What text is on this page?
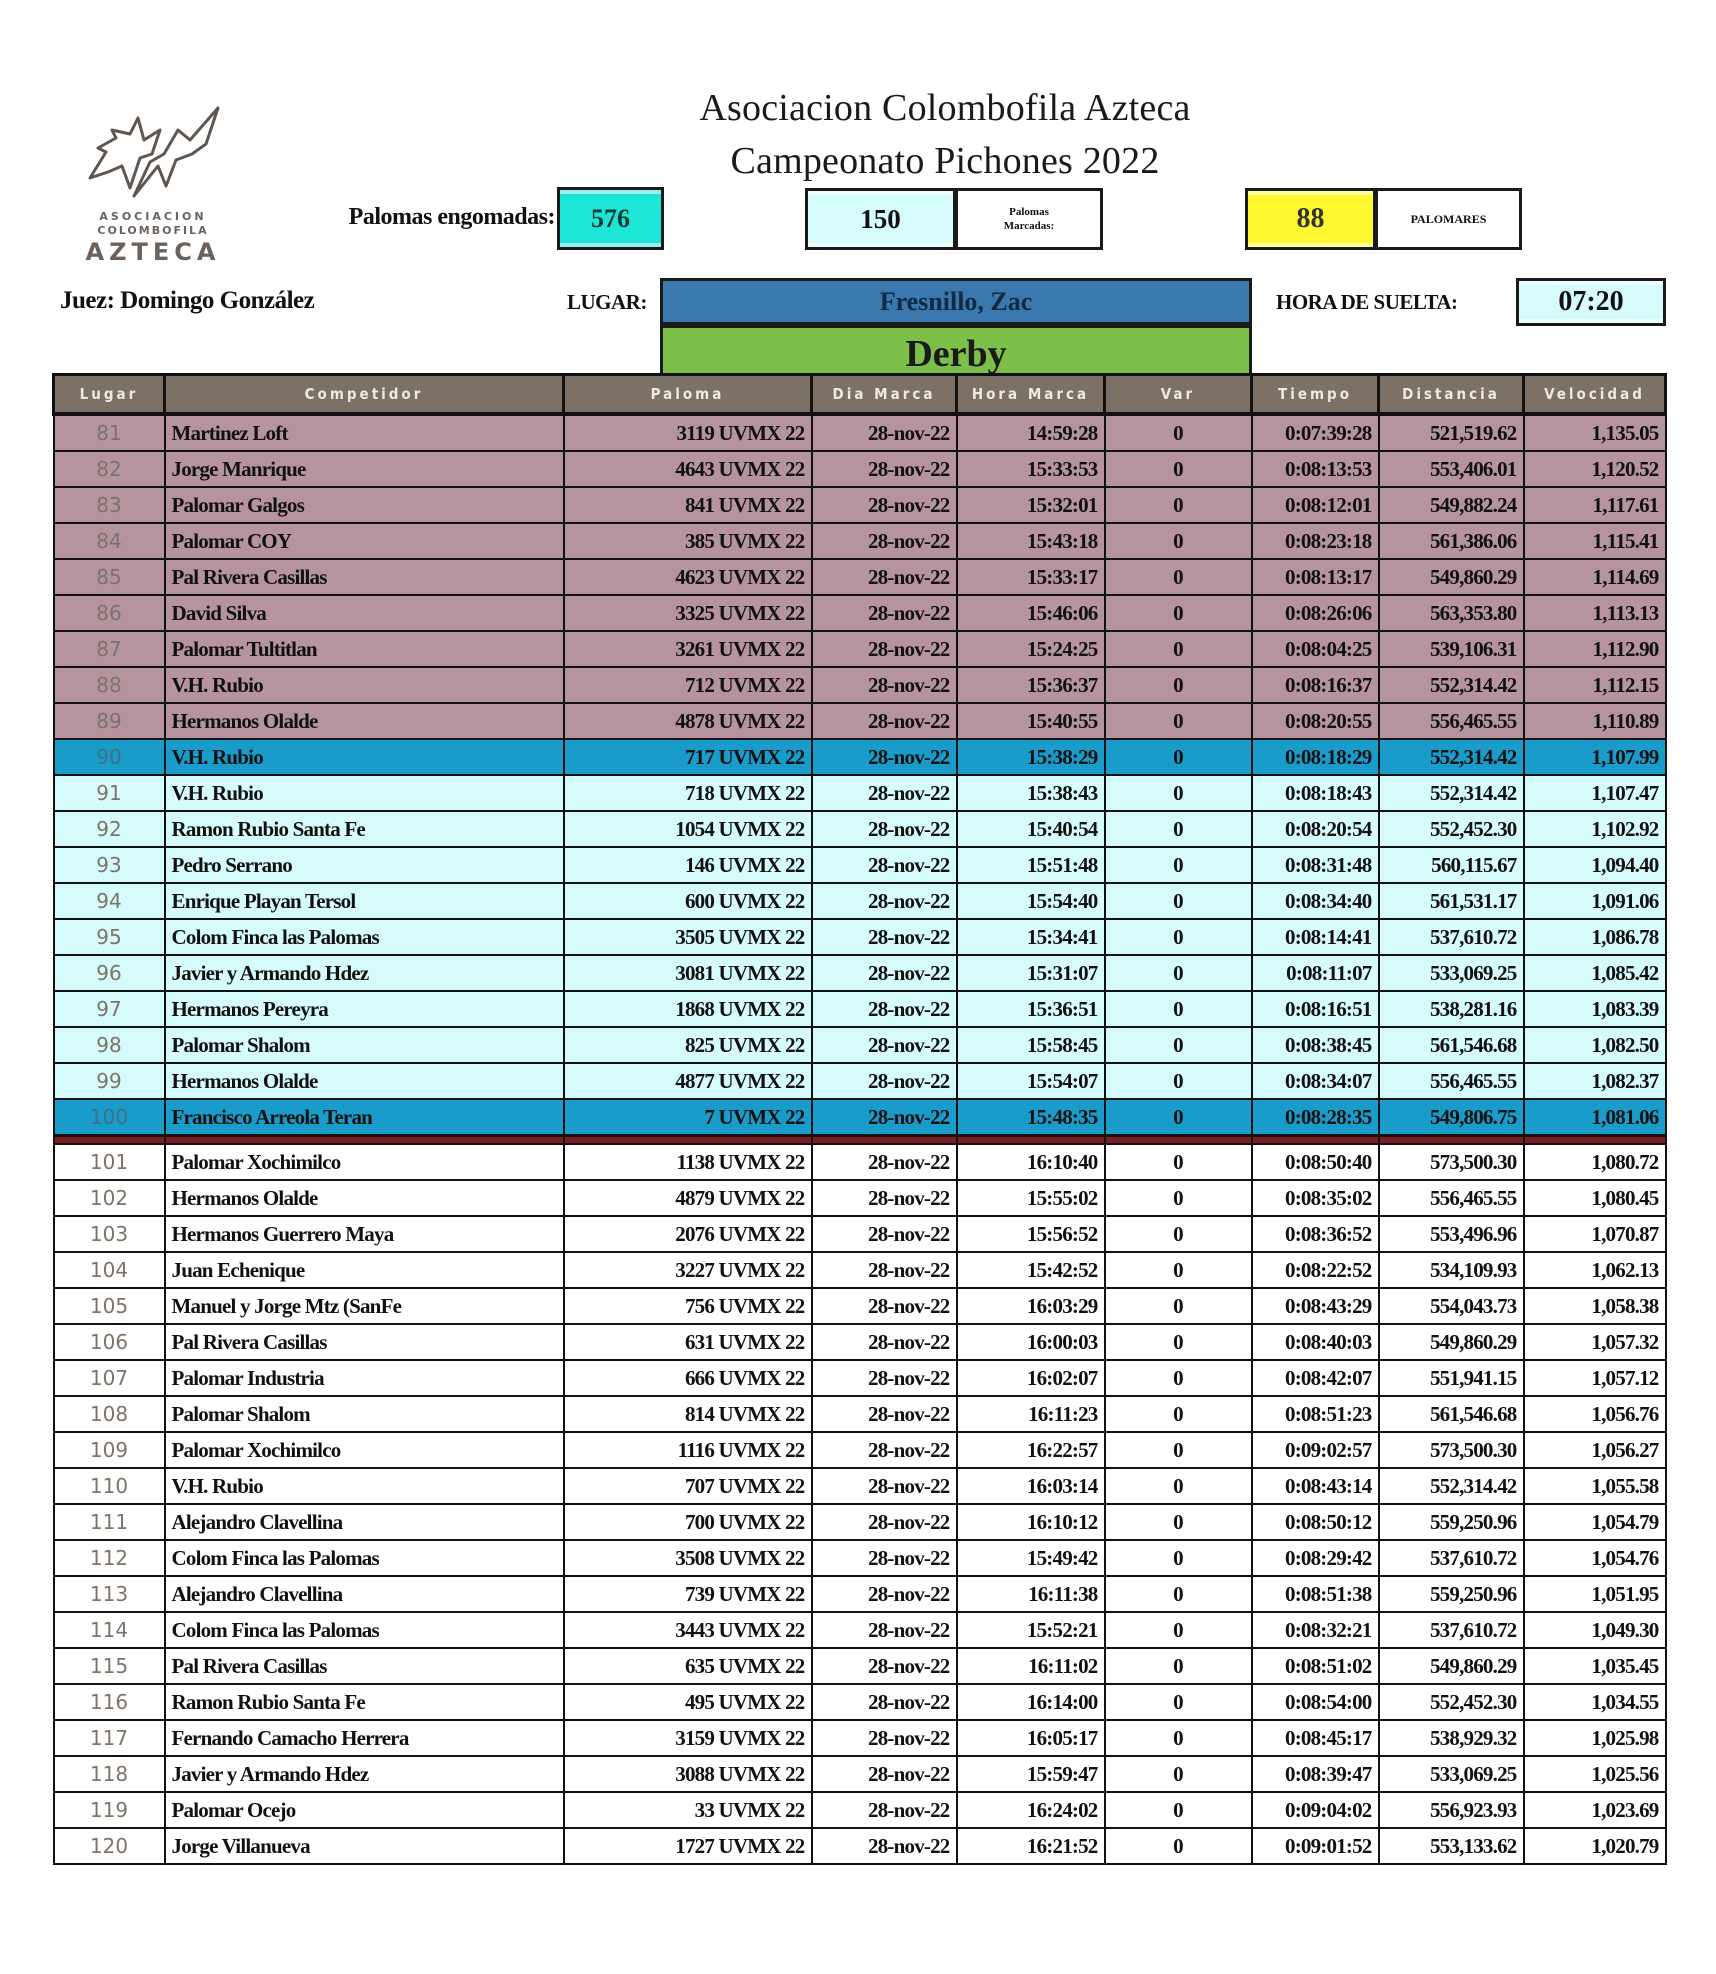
ASOCIACION
COLOMBOFILA
AZTECA
Asociacion Colombofila Azteca
Campeonato Pichones 2022
Palomas engomadas:	576	150	Palomas
Marcadas:	88	PALOMARES
Juez: Domingo González	LUGAR:	Fresnillo, Zac
Derby
HORA DE SUELTA:	07:20
Lugar	Competidor	Paloma	Dia Marca	Hora Marca	Var	Tiempo	Distancia	Velocidad
81	Martinez Loft	3119 UVMX 22	28-nov-22	14:59:28	0	0:07:39:28	521,519.62	1,135.05
82	Jorge Manrique	4643 UVMX 22	28-nov-22	15:33:53	0	0:08:13:53	553,406.01	1,120.52
83	Palomar Galgos	841 UVMX 22	28-nov-22	15:32:01	0	0:08:12:01	549,882.24	1,117.61
84	Palomar COY	385 UVMX 22	28-nov-22	15:43:18	0	0:08:23:18	561,386.06	1,115.41
85	Pal Rivera Casillas	4623 UVMX 22	28-nov-22	15:33:17	0	0:08:13:17	549,860.29	1,114.69
86	David Silva	3325 UVMX 22	28-nov-22	15:46:06	0	0:08:26:06	563,353.80	1,113.13
87	Palomar Tultitlan	3261 UVMX 22	28-nov-22	15:24:25	0	0:08:04:25	539,106.31	1,112.90
88	V.H. Rubio	712 UVMX 22	28-nov-22	15:36:37	0	0:08:16:37	552,314.42	1,112.15
89	Hermanos Olalde	4878 UVMX 22	28-nov-22	15:40:55	0	0:08:20:55	556,465.55	1,110.89
90	V.H. Rubio	717 UVMX 22	28-nov-22	15:38:29	0	0:08:18:29	552,314.42	1,107.99
91	V.H. Rubio	718 UVMX 22	28-nov-22	15:38:43	0	0:08:18:43	552,314.42	1,107.47
92	Ramon Rubio Santa Fe	1054 UVMX 22	28-nov-22	15:40:54	0	0:08:20:54	552,452.30	1,102.92
93	Pedro Serrano	146 UVMX 22	28-nov-22	15:51:48	0	0:08:31:48	560,115.67	1,094.40
94	Enrique Playan Tersol	600 UVMX 22	28-nov-22	15:54:40	0	0:08:34:40	561,531.17	1,091.06
95	Colom Finca las Palomas	3505 UVMX 22	28-nov-22	15:34:41	0	0:08:14:41	537,610.72	1,086.78
96	Javier y Armando Hdez	3081 UVMX 22	28-nov-22	15:31:07	0	0:08:11:07	533,069.25	1,085.42
97	Hermanos Pereyra	1868 UVMX 22	28-nov-22	15:36:51	0	0:08:16:51	538,281.16	1,083.39
98	Palomar Shalom	825 UVMX 22	28-nov-22	15:58:45	0	0:08:38:45	561,546.68	1,082.50
99	Hermanos Olalde	4877 UVMX 22	28-nov-22	15:54:07	0	0:08:34:07	556,465.55	1,082.37
100	Francisco Arreola Teran	7 UVMX 22	28-nov-22	15:48:35	0	0:08:28:35	549,806.75	1,081.06

101	Palomar Xochimilco	1138 UVMX 22	28-nov-22	16:10:40	0	0:08:50:40	573,500.30	1,080.72
102	Hermanos Olalde	4879 UVMX 22	28-nov-22	15:55:02	0	0:08:35:02	556,465.55	1,080.45
103	Hermanos Guerrero Maya	2076 UVMX 22	28-nov-22	15:56:52	0	0:08:36:52	553,496.96	1,070.87
104	Juan Echenique	3227 UVMX 22	28-nov-22	15:42:52	0	0:08:22:52	534,109.93	1,062.13
105	Manuel y Jorge Mtz (SanFe	756 UVMX 22	28-nov-22	16:03:29	0	0:08:43:29	554,043.73	1,058.38
106	Pal Rivera Casillas	631 UVMX 22	28-nov-22	16:00:03	0	0:08:40:03	549,860.29	1,057.32
107	Palomar Industria	666 UVMX 22	28-nov-22	16:02:07	0	0:08:42:07	551,941.15	1,057.12
108	Palomar Shalom	814 UVMX 22	28-nov-22	16:11:23	0	0:08:51:23	561,546.68	1,056.76
109	Palomar Xochimilco	1116 UVMX 22	28-nov-22	16:22:57	0	0:09:02:57	573,500.30	1,056.27
110	V.H. Rubio	707 UVMX 22	28-nov-22	16:03:14	0	0:08:43:14	552,314.42	1,055.58
111	Alejandro Clavellina	700 UVMX 22	28-nov-22	16:10:12	0	0:08:50:12	559,250.96	1,054.79
112	Colom Finca las Palomas	3508 UVMX 22	28-nov-22	15:49:42	0	0:08:29:42	537,610.72	1,054.76
113	Alejandro Clavellina	739 UVMX 22	28-nov-22	16:11:38	0	0:08:51:38	559,250.96	1,051.95
114	Colom Finca las Palomas	3443 UVMX 22	28-nov-22	15:52:21	0	0:08:32:21	537,610.72	1,049.30
115	Pal Rivera Casillas	635 UVMX 22	28-nov-22	16:11:02	0	0:08:51:02	549,860.29	1,035.45
116	Ramon Rubio Santa Fe	495 UVMX 22	28-nov-22	16:14:00	0	0:08:54:00	552,452.30	1,034.55
117	Fernando Camacho Herrera	3159 UVMX 22	28-nov-22	16:05:17	0	0:08:45:17	538,929.32	1,025.98
118	Javier y Armando Hdez	3088 UVMX 22	28-nov-22	15:59:47	0	0:08:39:47	533,069.25	1,025.56
119	Palomar Ocejo	33 UVMX 22	28-nov-22	16:24:02	0	0:09:04:02	556,923.93	1,023.69
120	Jorge Villanueva	1727 UVMX 22	28-nov-22	16:21:52	0	0:09:01:52	553,133.62	1,020.79
